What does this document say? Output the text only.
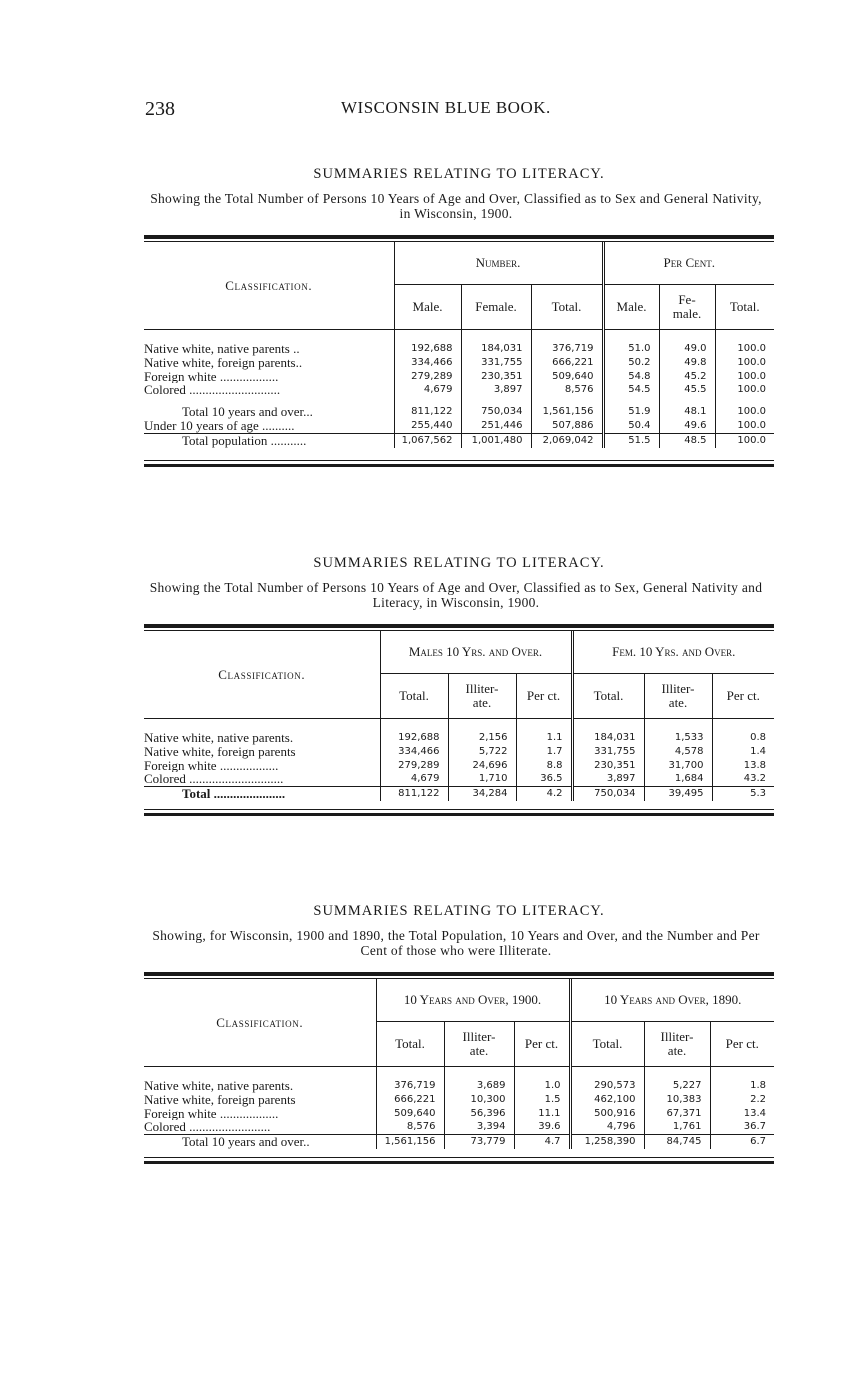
238	WISCONSIN BLUE BOOK.

SUMMARIES RELATING TO LITERACY.

Showing the Total Number of Persons 10 Years of Age and Over, Classified as to Sex and General Nativity, in Wisconsin, 1900.

Classification.	Number.			Per Cent.		
	Male.	Female.	Total.	Male.	Fe-
male.	Total.

Native white, native parents ..	192,688	184,031	376,719	51.0	49.0	100.0
Native white, foreign parents..	334,466	331,755	666,221	50.2	49.8	100.0
Foreign white ..................	279,289	230,351	509,640	54.8	45.2	100.0
Colored ............................	4,679	3,897	8,576	54.5	45.5	100.0

Total 10 years and over...	811,122	750,034	1,561,156	51.9	48.1	100.0
Under 10 years of age ..........	255,440	251,446	507,886	50.4	49.6	100.0
Total population ...........	1,067,562	1,001,480	2,069,042	51.5	48.5	100.0

SUMMARIES RELATING TO LITERACY.

Showing the Total Number of Persons 10 Years of Age and Over, Classified as to Sex, General Nativity and Literacy, in Wisconsin, 1900.

Classification.	Males 10 Yrs. and Over.			Fem. 10 Yrs. and Over.		
	Total.	Illiter-
ate.	Per ct.	Total.	Illiter-
ate.	Per ct.

Native white, native parents.	192,688	2,156	1.1	184,031	1,533	0.8
Native white, foreign parents	334,466	5,722	1.7	331,755	4,578	1.4
Foreign white ..................	279,289	24,696	8.8	230,351	31,700	13.8
Colored .............................	4,679	1,710	36.5	3,897	1,684	43.2
Total ......................	811,122	34,284	4.2	750,034	39,495	5.3

SUMMARIES RELATING TO LITERACY.

Showing, for Wisconsin, 1900 and 1890, the Total Population, 10 Years and Over, and the Number and Per Cent of those who were Illiterate.

Classification.	10 Years and Over, 1900.			10 Years and Over, 1890.		
	Total.	Illiter-
ate.	Per ct.	Total.	Illiter-
ate.	Per ct.

Native white, native parents.	376,719	3,689	1.0	290,573	5,227	1.8
Native white, foreign parents	666,221	10,300	1.5	462,100	10,383	2.2
Foreign white ..................	509,640	56,396	11.1	500,916	67,371	13.4
Colored .........................	8,576	3,394	39.6	4,796	1,761	36.7
Total 10 years and over..	1,561,156	73,779	4.7	1,258,390	84,745	6.7
